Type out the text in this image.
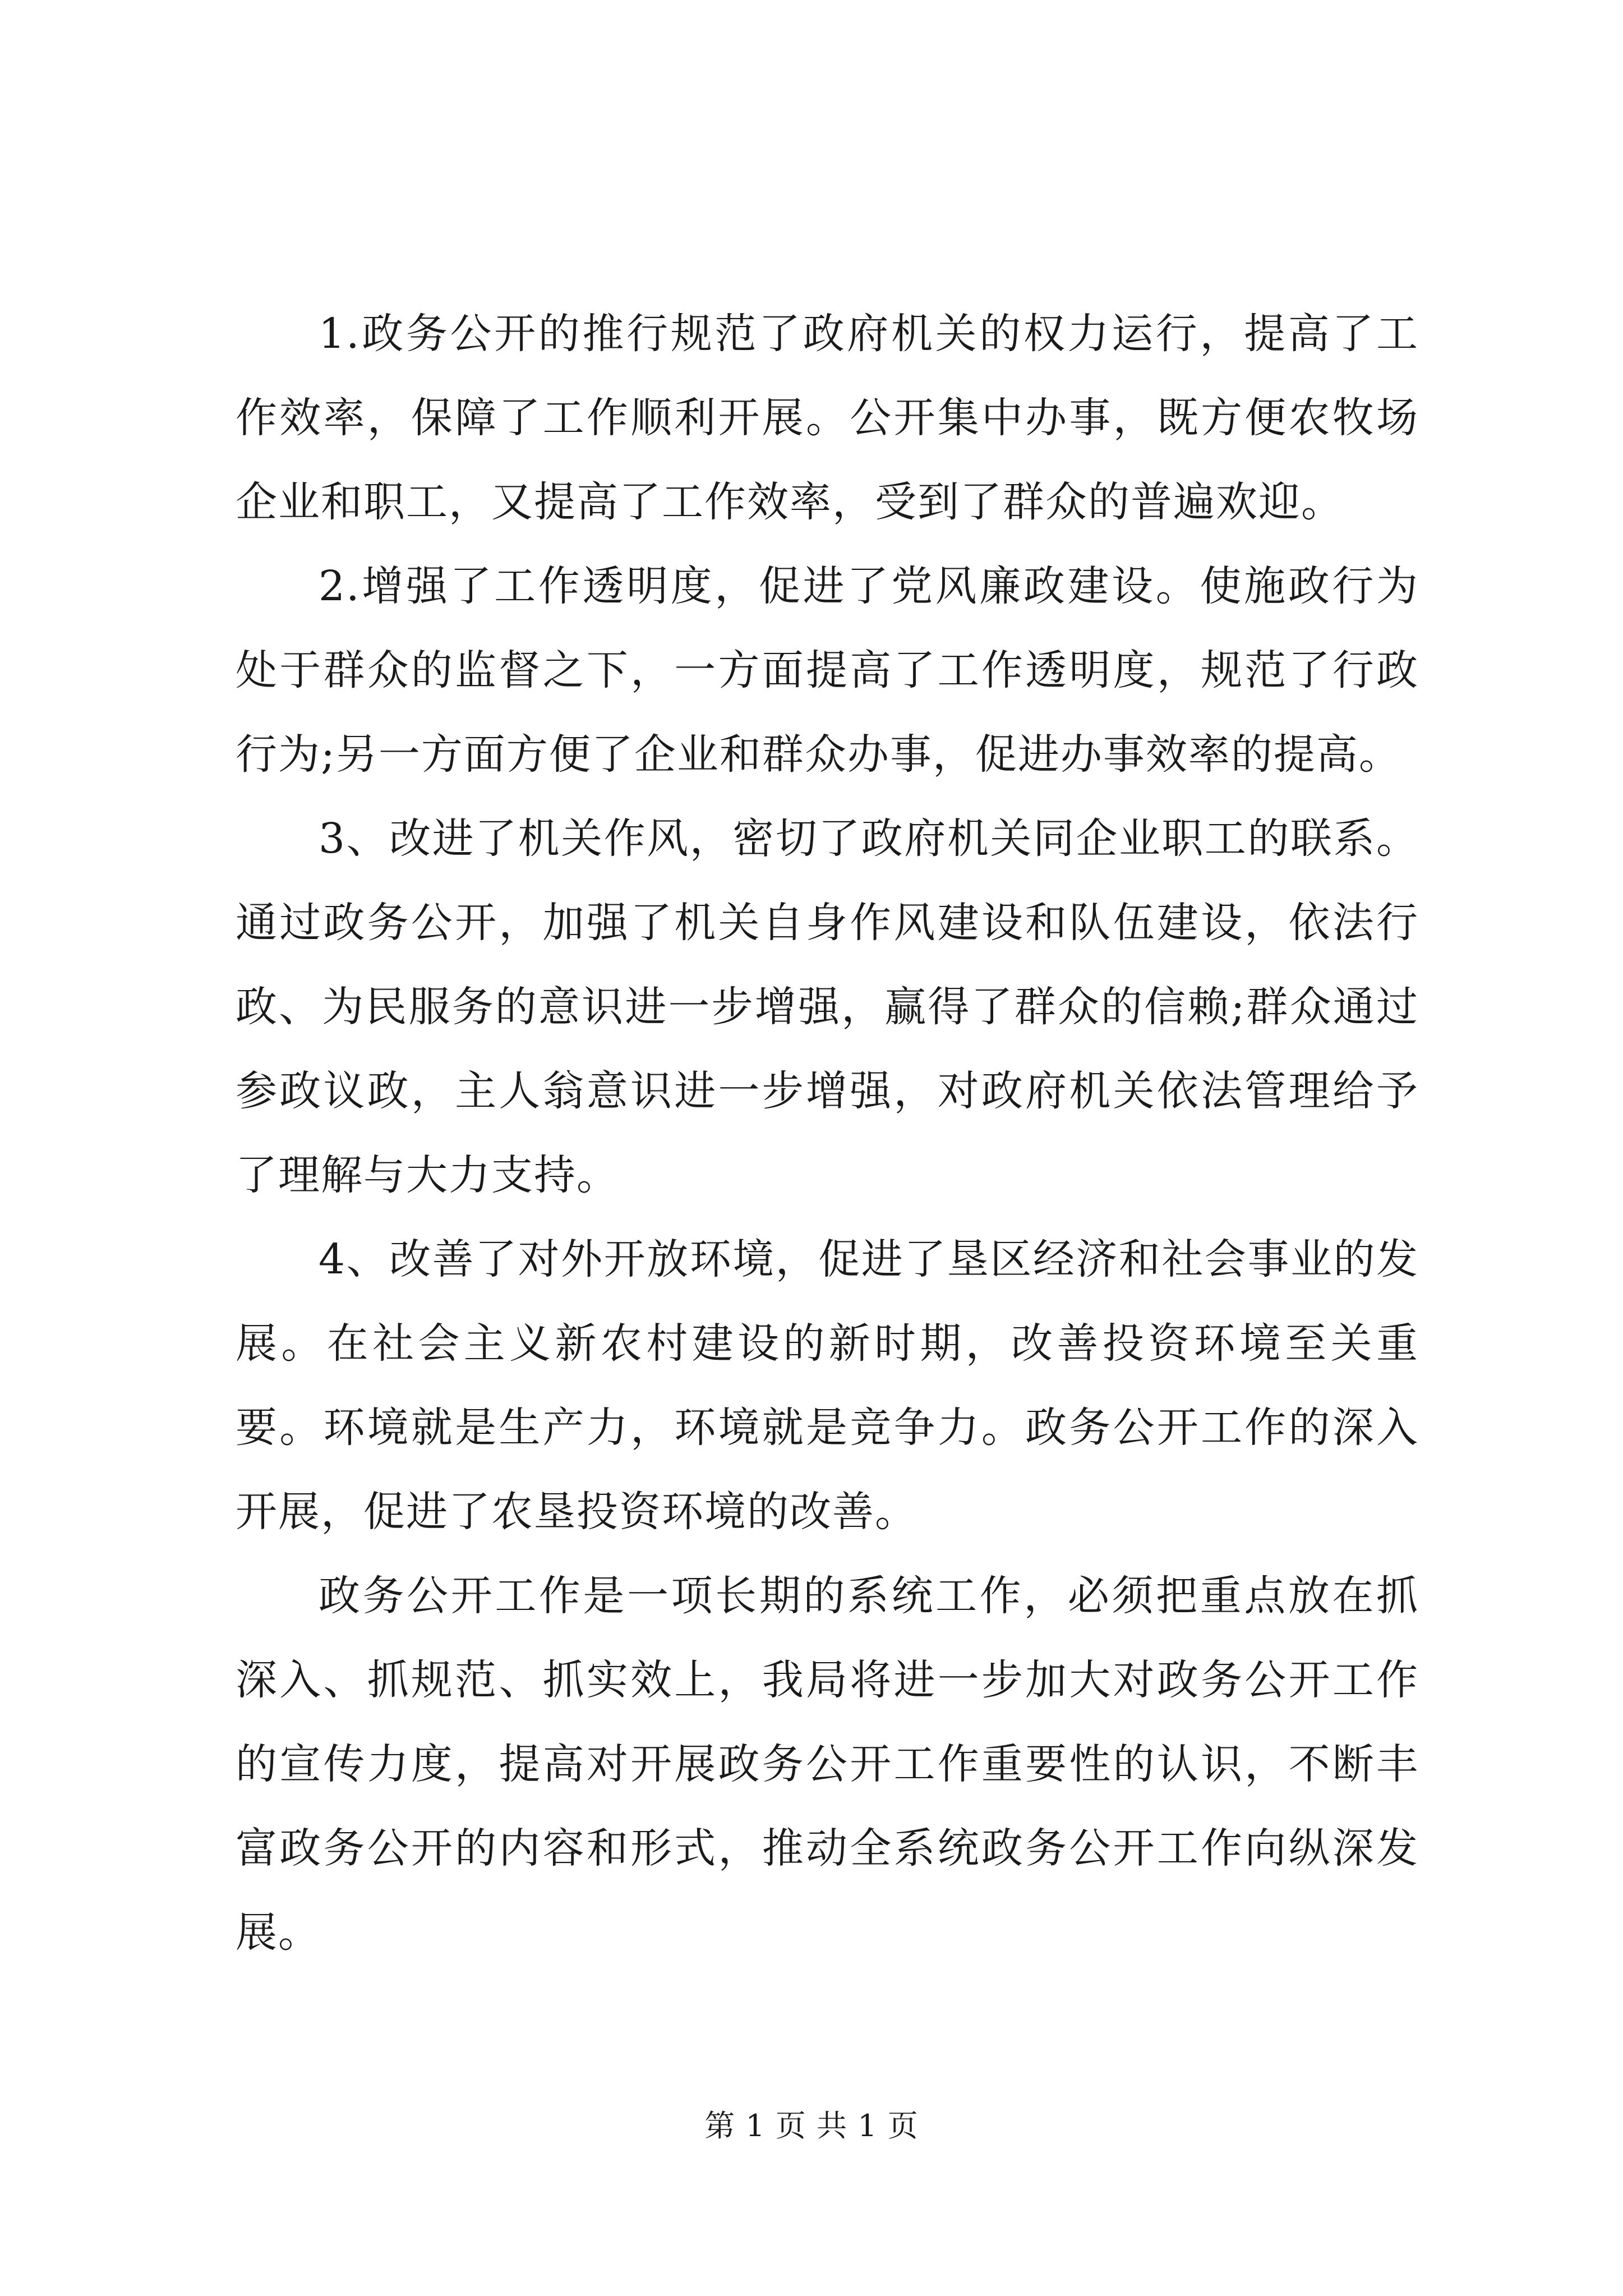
1.政务公开的推行规范了政府机关的权力运行，提高了工作效率，保障了工作顺利开展。公开集中办事，既方便农牧场企业和职工，又提高了工作效率，受到了群众的普遍欢迎。

2.增强了工作透明度，促进了党风廉政建设。使施政行为处于群众的监督之下，一方面提高了工作透明度，规范了行政行为;另一方面方便了企业和群众办事，促进办事效率的提高。

3、改进了机关作风，密切了政府机关同企业职工的联系。通过政务公开，加强了机关自身作风建设和队伍建设，依法行政、为民服务的意识进一步增强，赢得了群众的信赖;群众通过参政议政，主人翁意识进一步增强，对政府机关依法管理给予了理解与大力支持。

4、改善了对外开放环境，促进了垦区经济和社会事业的发展。在社会主义新农村建设的新时期，改善投资环境至关重要。环境就是生产力，环境就是竞争力。政务公开工作的深入开展，促进了农垦投资环境的改善。

政务公开工作是一项长期的系统工作，必须把重点放在抓深入、抓规范、抓实效上，我局将进一步加大对政务公开工作的宣传力度，提高对开展政务公开工作重要性的认识，不断丰富政务公开的内容和形式，推动全系统政务公开工作向纵深发展。

第 1 页 共 1 页
